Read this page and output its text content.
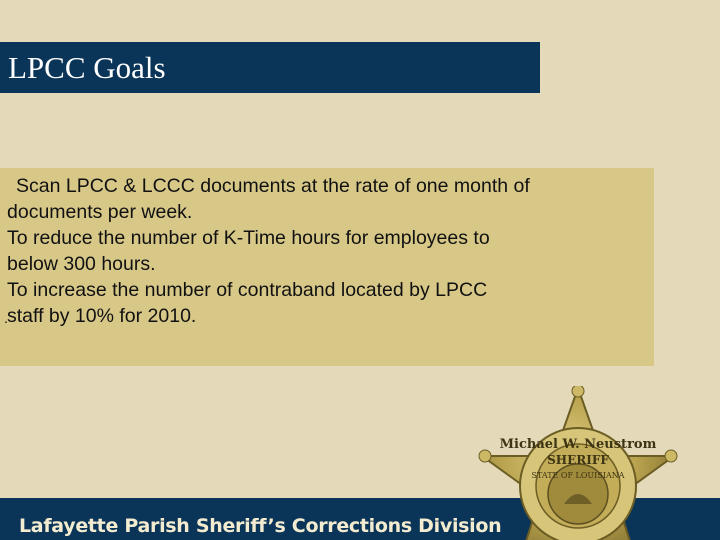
LPCC Goals
Scan LPCC & LCCC documents at the rate of one month of
documents per week.
To reduce the number of K-Time hours for employees to
below 300 hours.
To increase the number of contraband located by LPCC
staff by 10% for 2010.
.
Lafayette Parish Sheriff’s Corrections Division
Michael W. Neustrom
SHERIFF
STATE OF LOUISIANA
